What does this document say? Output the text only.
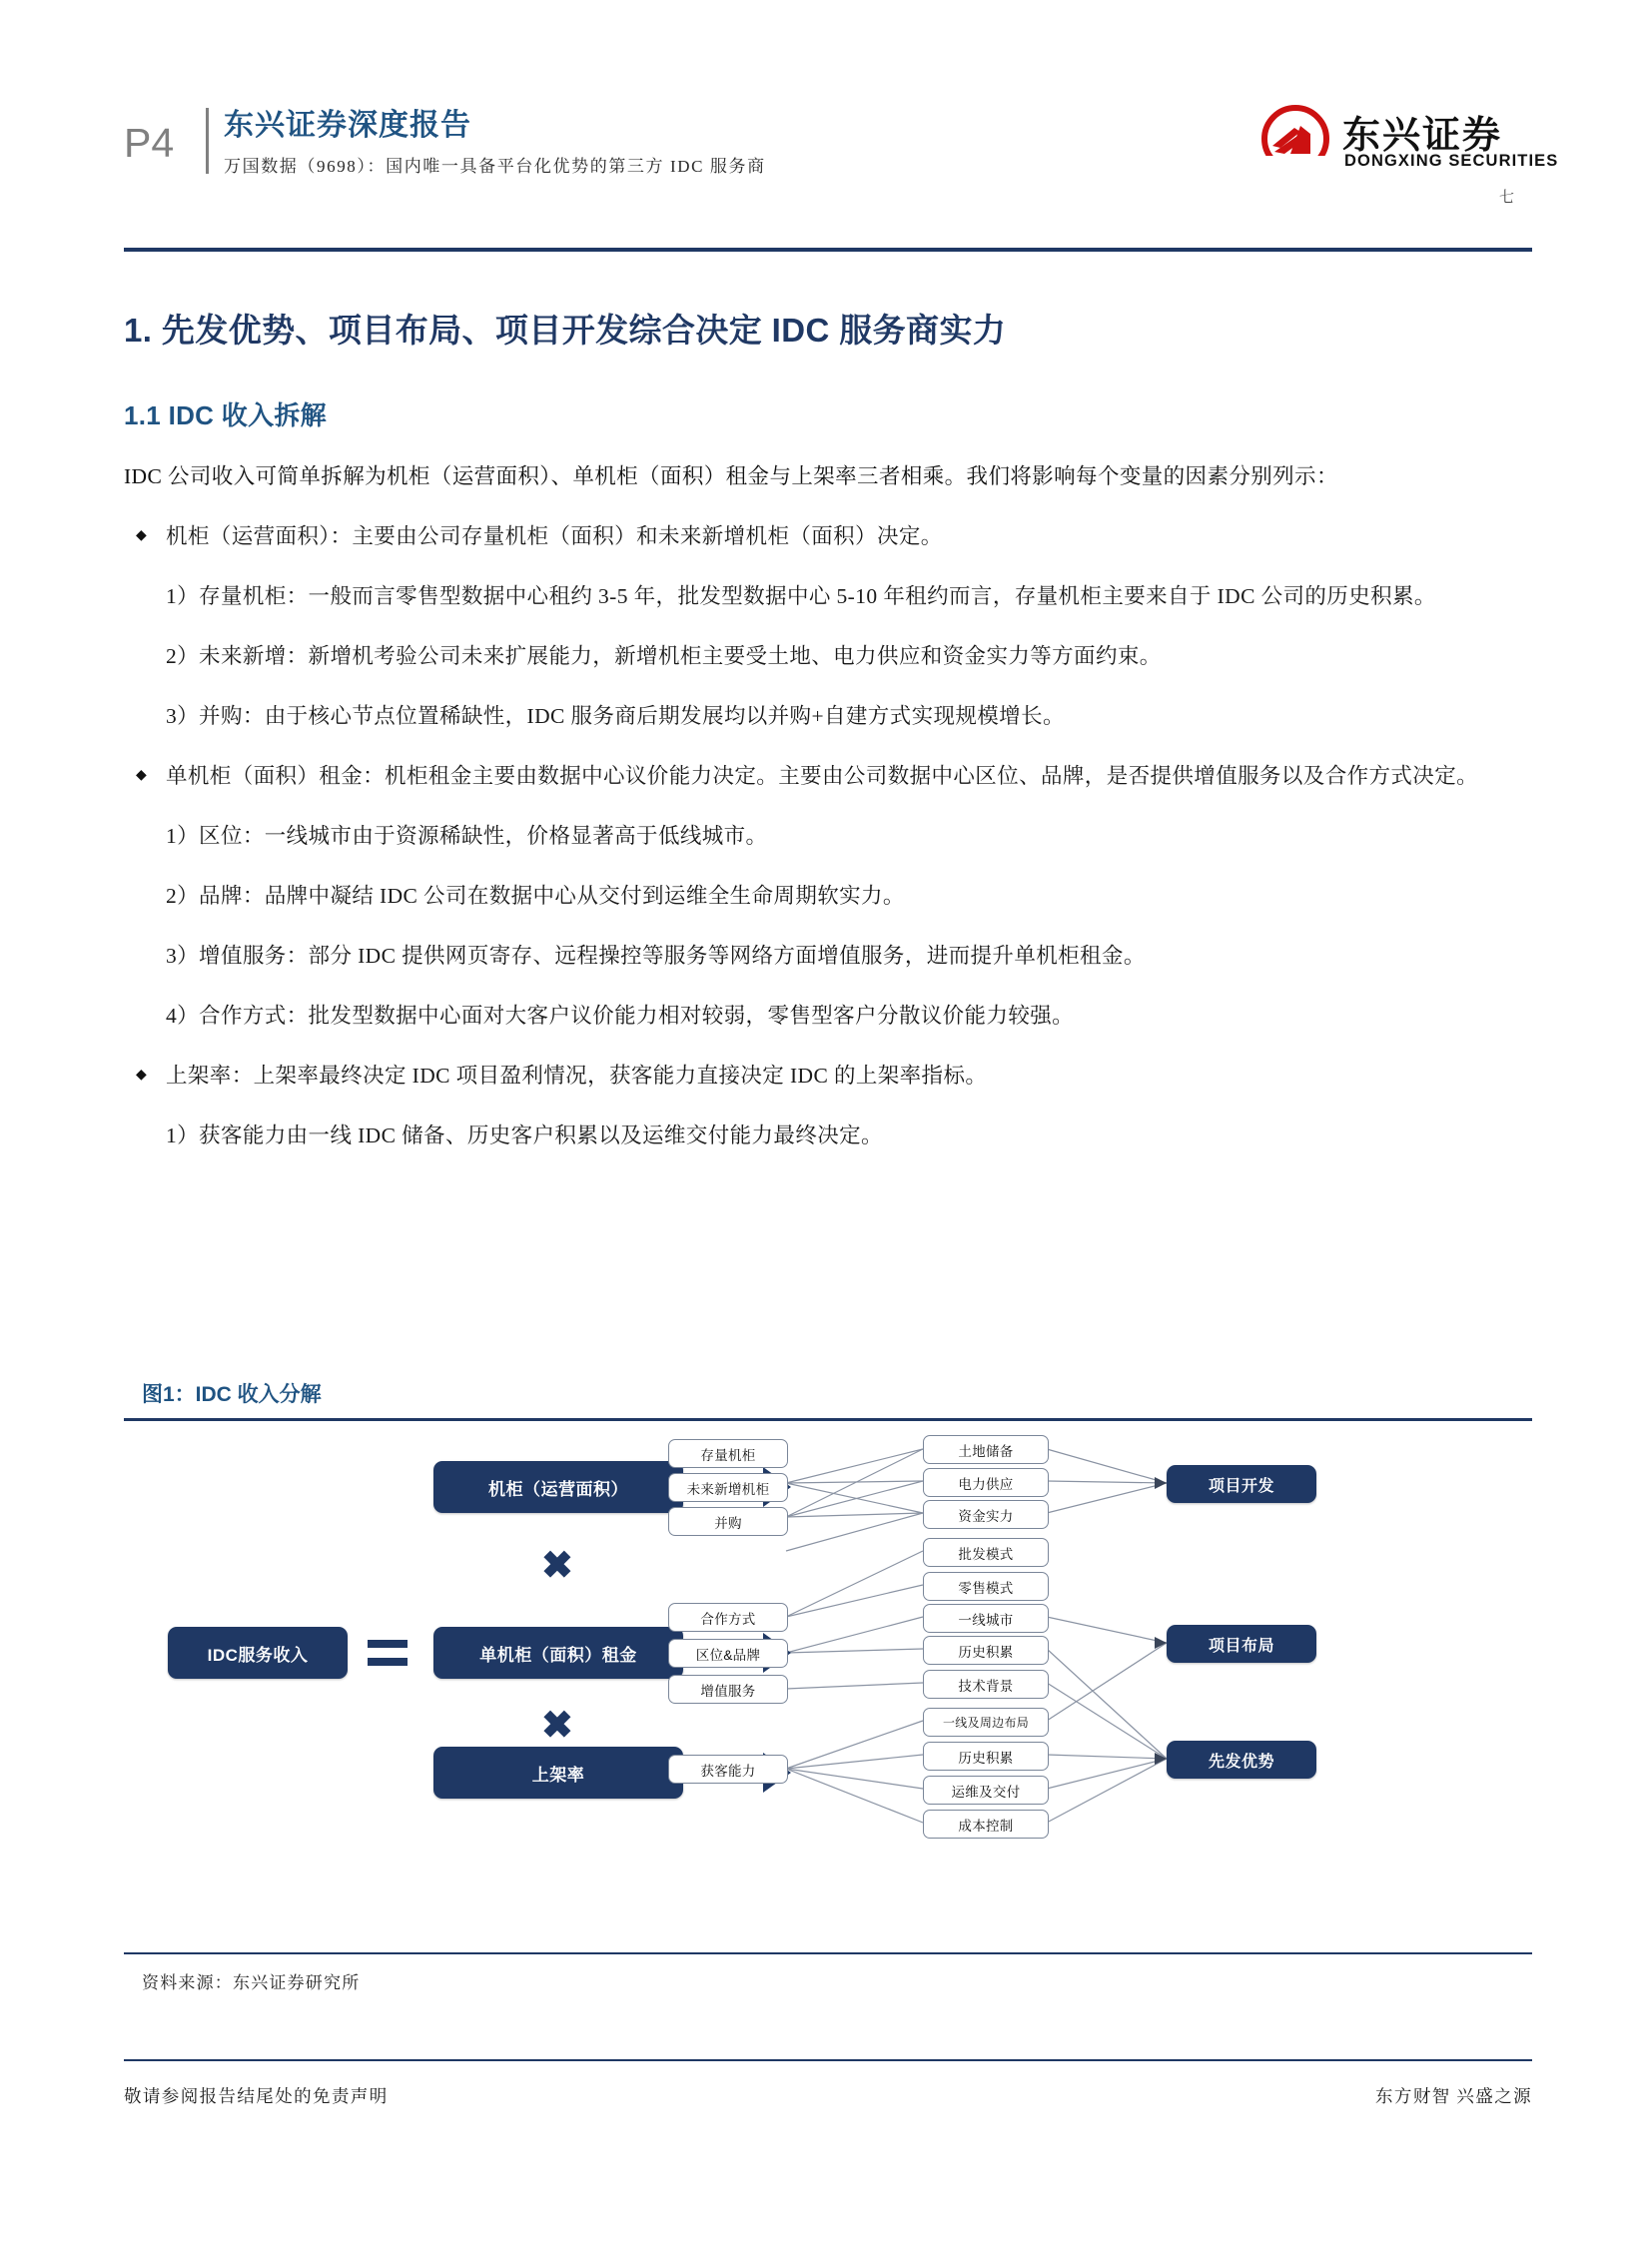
P4 东兴证券深度报告
万国数据（9698）：国内唯一具备平台化优势的第三方 IDC 服务商
东兴证券
DONGXING SECURITIES
七
1. 先发优势、项目布局、项目开发综合决定 IDC 服务商实力
1.1 IDC 收入拆解

IDC 公司收入可简单拆解为机柜（运营面积）、单机柜（面积）租金与上架率三者相乘。我们将影响每个变量的因素分别列示：

◆ 机柜（运营面积）：主要由公司存量机柜（面积）和未来新增机柜（面积）决定。
1）存量机柜：一般而言零售型数据中心租约 3-5 年，批发型数据中心 5-10 年租约而言，存量机柜主要来自于 IDC 公司的历史积累。
2）未来新增：新增机考验公司未来扩展能力，新增机柜主要受土地、电力供应和资金实力等方面约束。
3）并购：由于核心节点位置稀缺性，IDC 服务商后期发展均以并购+自建方式实现规模增长。
◆ 单机柜（面积）租金：机柜租金主要由数据中心议价能力决定。主要由公司数据中心区位、品牌，是否提供增值服务以及合作方式决定。
1）区位：一线城市由于资源稀缺性，价格显著高于低线城市。
2）品牌：品牌中凝结 IDC 公司在数据中心从交付到运维全生命周期软实力。
3）增值服务：部分 IDC 提供网页寄存、远程操控等服务等网络方面增值服务，进而提升单机柜租金。
4）合作方式：批发型数据中心面对大客户议价能力相对较弱，零售型客户分散议价能力较强。
◆ 上架率：上架率最终决定 IDC 项目盈利情况，获客能力直接决定 IDC 的上架率指标。
1）获客能力由一线 IDC 储备、历史客户积累以及运维交付能力最终决定。
图1：IDC 收入分解
IDC服务收入
机柜（运营面积）
✖
单机柜（面积）租金
✖
上架率
存量机柜
未来新增机柜
并购
合作方式
区位&品牌
增值服务
获客能力
土地储备
电力供应
资金实力
批发模式
零售模式
一线城市
历史积累
技术背景
一线及周边布局
历史积累
运维及交付
成本控制
项目开发
项目布局
先发优势
资料来源：东兴证券研究所
敬请参阅报告结尾处的免责声明	东方财智 兴盛之源
